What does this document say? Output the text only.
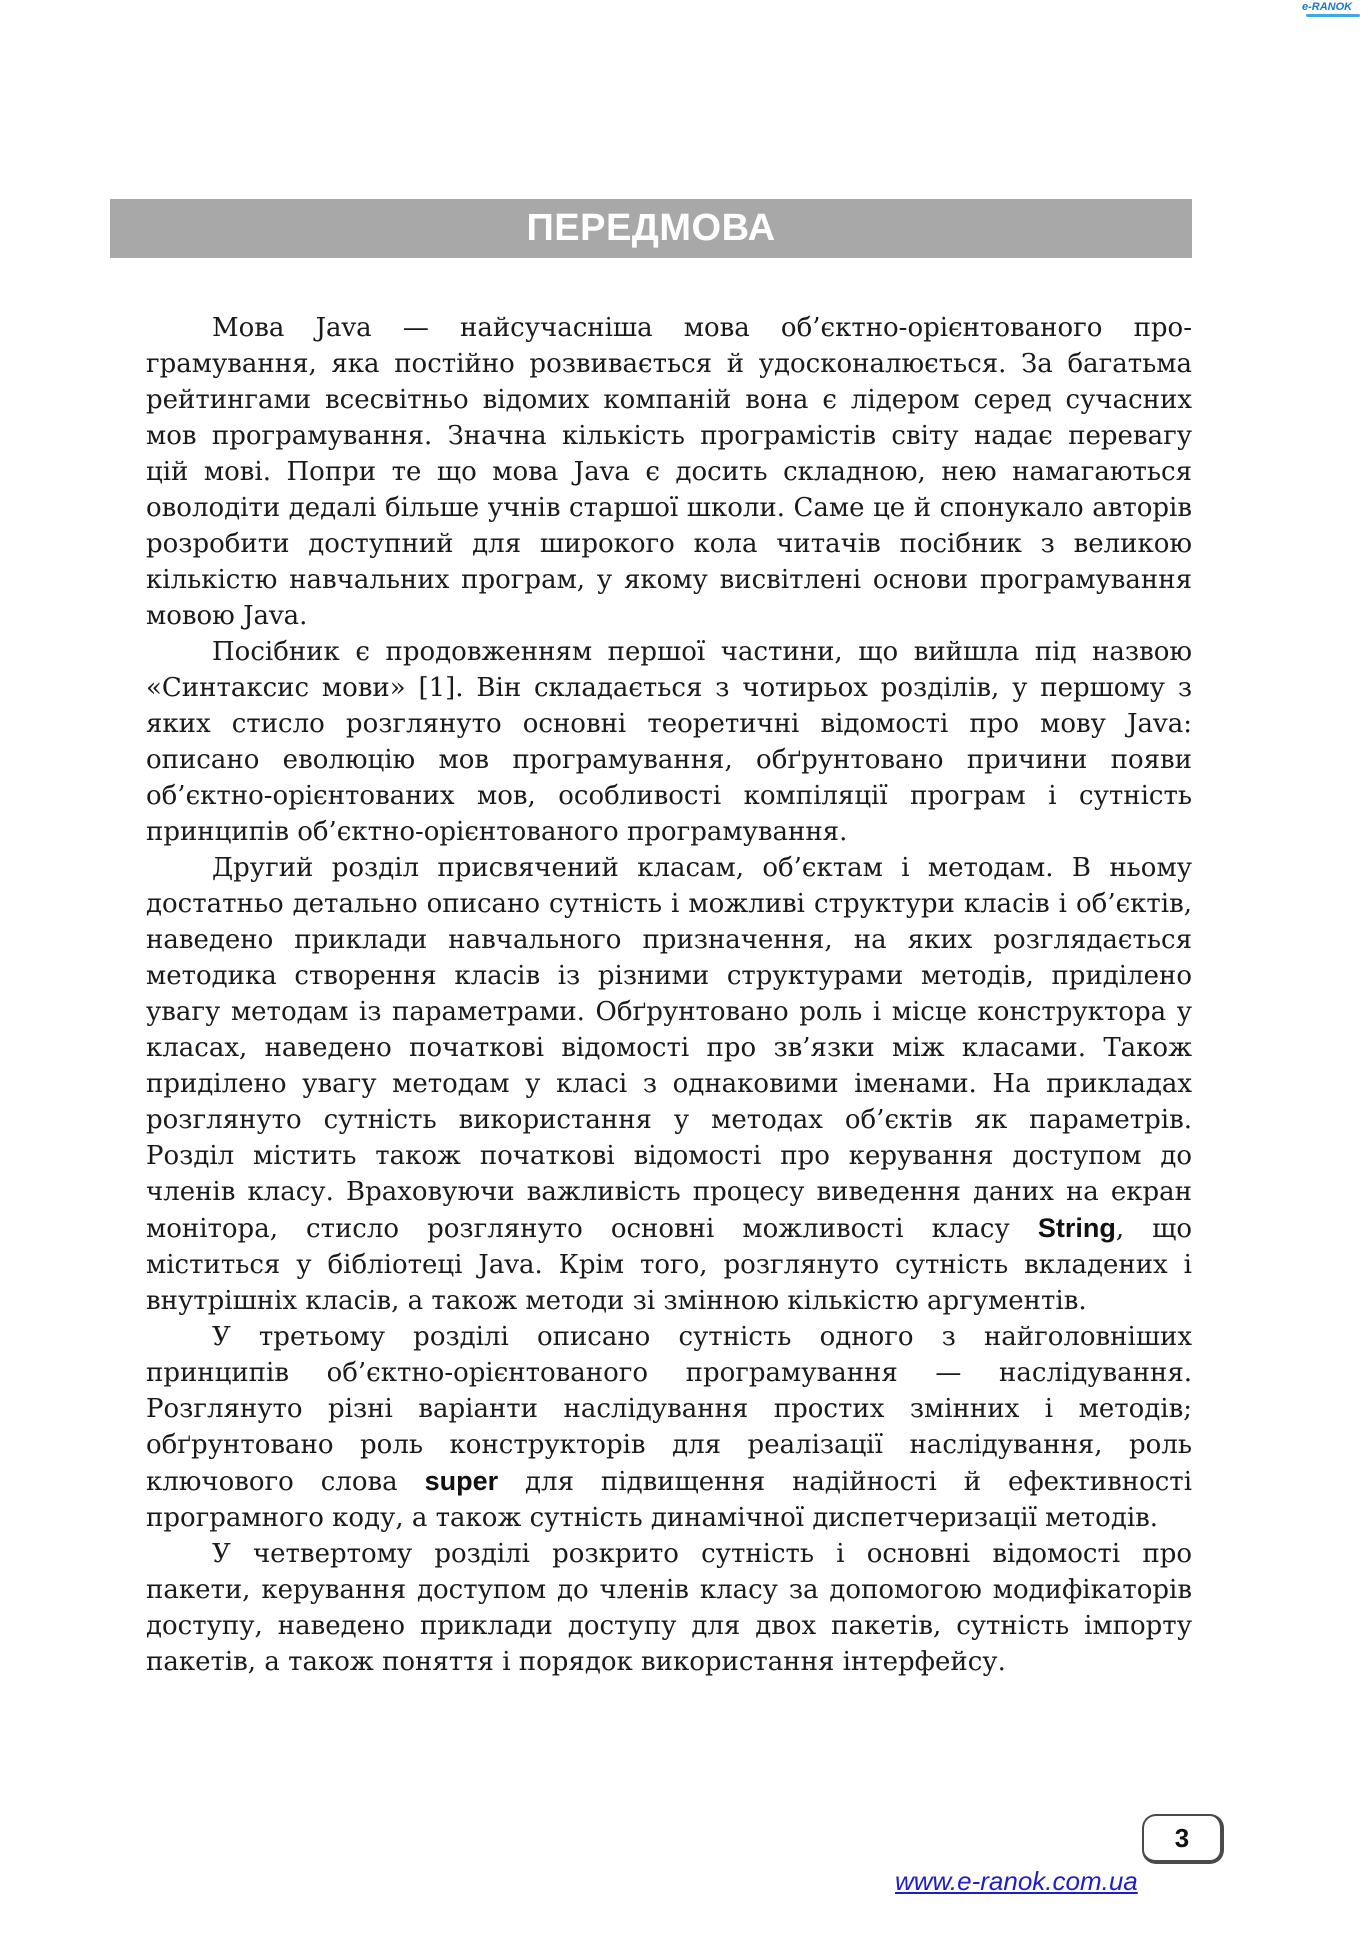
e-RANOK
ПЕРЕДМОВА

Мова Java — найсучасніша мова об’єктно-орієнтованого програмування, яка постійно розвивається й удосконалюється. За багатьма рейтингами всесвітньо відомих компаній вона є лідером серед сучасних мов програмування. Значна кількість програмістів світу надає перевагу цій мові. Попри те що мова Java є досить складною, нею намагаються оволодіти дедалі більше учнів старшої школи. Саме це й спонукало авторів розробити доступний для широкого кола читачів посібник з великою кількістю навчальних програм, у якому висвітлені основи програмування мовою Java.

Посібник є продовженням першої частини, що вийшла під назвою «Синтаксис мови» [1]. Він складається з чотирьох розділів, у першому з яких стисло розглянуто основні теоретичні відомості про мову Java: описано еволюцію мов програмування, обґрунтовано причини появи об’єктно-орієнтованих мов, особливості компіляції програм і сутність принципів об’єктно-орієнтованого програмування.

Другий розділ присвячений класам, об’єктам і методам. В ньому достатньо детально описано сутність і можливі структури класів і об’єктів, наведено приклади навчального призначення, на яких розглядається методика створення класів із різними структурами методів, приділено увагу методам із параметрами. Обґрунтовано роль і місце конструктора у класах, наведено початкові відомості про зв’язки між класами. Також приділено увагу методам у класі з однаковими іменами. На прикладах розглянуто сутність використання у методах об’єктів як параметрів. Розділ містить також початкові відомості про керування доступом до членів класу. Враховуючи важливість процесу виведення даних на екран монітора, стисло розглянуто основні можливості класу String, що міститься у бібліотеці Java. Крім того, розглянуто сутність вкладених і внутрішніх класів, а також методи зі змінною кількістю аргументів.

У третьому розділі описано сутність одного з найголовніших принципів об’єктно-орієнтованого програмування — наслідування. Розглянуто різні варіанти наслідування простих змінних і методів; обґрунтовано роль конструкторів для реалізації наслідування, роль ключового слова super для підвищення надійності й ефективності програмного коду, а також сутність динамічної диспетчеризації методів.

У четвертому розділі розкрито сутність і основні відомості про пакети, керування доступом до членів класу за допомогою модифікаторів доступу, наведено приклади доступу для двох пакетів, сутність імпорту пакетів, а також поняття і порядок використання інтерфейсу.

3
www.e-ranok.com.ua
